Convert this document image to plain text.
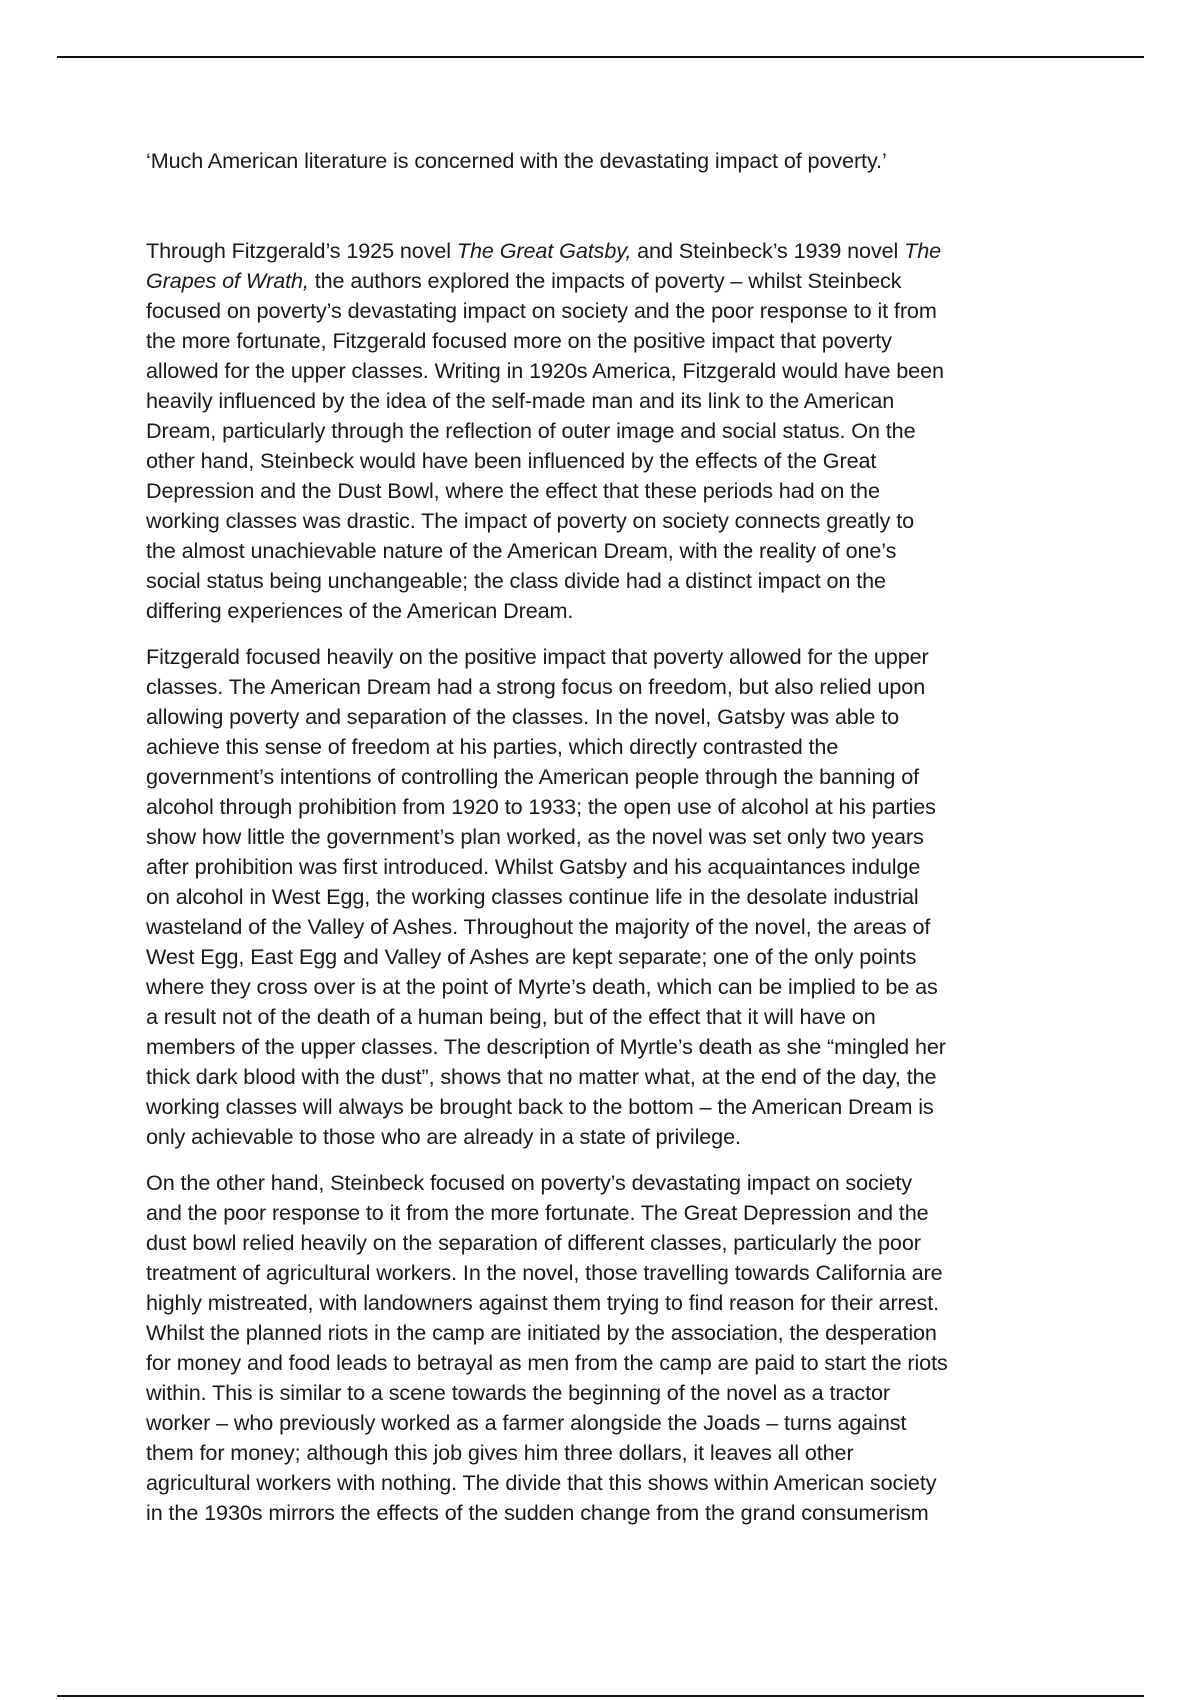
‘Much American literature is concerned with the devastating impact of poverty.’

Through Fitzgerald’s 1925 novel The Great Gatsby, and Steinbeck’s 1939 novel The
Grapes of Wrath, the authors explored the impacts of poverty – whilst Steinbeck
focused on poverty’s devastating impact on society and the poor response to it from
the more fortunate, Fitzgerald focused more on the positive impact that poverty
allowed for the upper classes. Writing in 1920s America, Fitzgerald would have been
heavily influenced by the idea of the self-made man and its link to the American
Dream, particularly through the reflection of outer image and social status. On the
other hand, Steinbeck would have been influenced by the effects of the Great
Depression and the Dust Bowl, where the effect that these periods had on the
working classes was drastic. The impact of poverty on society connects greatly to
the almost unachievable nature of the American Dream, with the reality of one’s
social status being unchangeable; the class divide had a distinct impact on the
differing experiences of the American Dream.

Fitzgerald focused heavily on the positive impact that poverty allowed for the upper
classes. The American Dream had a strong focus on freedom, but also relied upon
allowing poverty and separation of the classes. In the novel, Gatsby was able to
achieve this sense of freedom at his parties, which directly contrasted the
government’s intentions of controlling the American people through the banning of
alcohol through prohibition from 1920 to 1933; the open use of alcohol at his parties
show how little the government’s plan worked, as the novel was set only two years
after prohibition was first introduced. Whilst Gatsby and his acquaintances indulge
on alcohol in West Egg, the working classes continue life in the desolate industrial
wasteland of the Valley of Ashes. Throughout the majority of the novel, the areas of
West Egg, East Egg and Valley of Ashes are kept separate; one of the only points
where they cross over is at the point of Myrte’s death, which can be implied to be as
a result not of the death of a human being, but of the effect that it will have on
members of the upper classes. The description of Myrtle’s death as she “mingled her
thick dark blood with the dust”, shows that no matter what, at the end of the day, the
working classes will always be brought back to the bottom – the American Dream is
only achievable to those who are already in a state of privilege.

On the other hand, Steinbeck focused on poverty’s devastating impact on society
and the poor response to it from the more fortunate. The Great Depression and the
dust bowl relied heavily on the separation of different classes, particularly the poor
treatment of agricultural workers. In the novel, those travelling towards California are
highly mistreated, with landowners against them trying to find reason for their arrest.
Whilst the planned riots in the camp are initiated by the association, the desperation
for money and food leads to betrayal as men from the camp are paid to start the riots
within. This is similar to a scene towards the beginning of the novel as a tractor
worker – who previously worked as a farmer alongside the Joads – turns against
them for money; although this job gives him three dollars, it leaves all other
agricultural workers with nothing. The divide that this shows within American society
in the 1930s mirrors the effects of the sudden change from the grand consumerism
